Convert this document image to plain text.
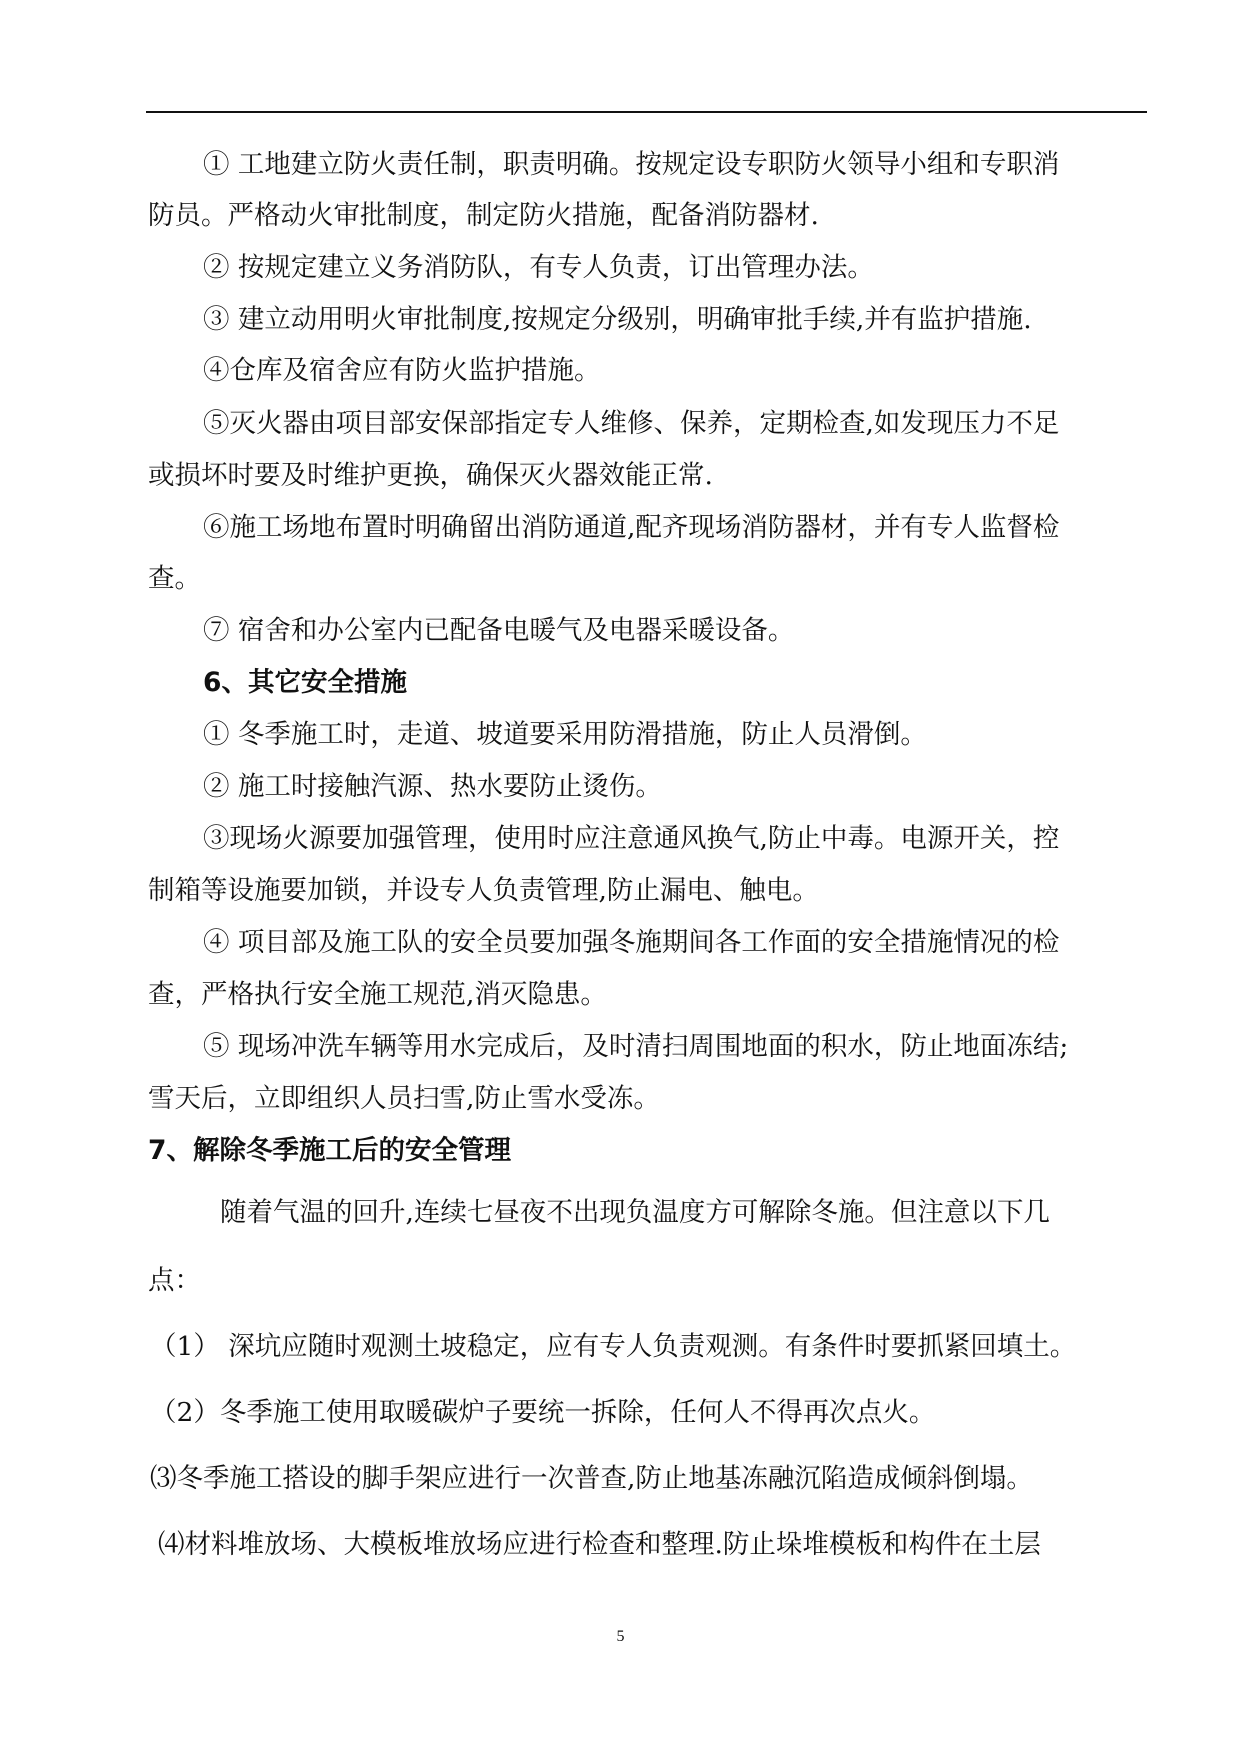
① 工地建立防火责任制，职责明确。按规定设专职防火领导小组和专职消
防员。严格动火审批制度，制定防火措施，配备消防器材.
② 按规定建立义务消防队，有专人负责，订出管理办法。
③ 建立动用明火审批制度,按规定分级别，明确审批手续,并有监护措施.
④仓库及宿舍应有防火监护措施。
⑤灭火器由项目部安保部指定专人维修、保养，定期检查,如发现压力不足
或损坏时要及时维护更换，确保灭火器效能正常.
⑥施工场地布置时明确留出消防通道,配齐现场消防器材，并有专人监督检
查。
⑦ 宿舍和办公室内已配备电暖气及电器采暖设备。
6、其它安全措施
① 冬季施工时，走道、坡道要采用防滑措施，防止人员滑倒。
② 施工时接触汽源、热水要防止烫伤。
③现场火源要加强管理，使用时应注意通风换气,防止中毒。电源开关，控
制箱等设施要加锁，并设专人负责管理,防止漏电、触电。
④ 项目部及施工队的安全员要加强冬施期间各工作面的安全措施情况的检
查，严格执行安全施工规范,消灭隐患。
⑤ 现场冲洗车辆等用水完成后，及时清扫周围地面的积水，防止地面冻结;
雪天后，立即组织人员扫雪,防止雪水受冻。
7、解除冬季施工后的安全管理
随着气温的回升,连续七昼夜不出现负温度方可解除冬施。但注意以下几
点：
（1） 深坑应随时观测土坡稳定，应有专人负责观测。有条件时要抓紧回填土。
（2）冬季施工使用取暖碳炉子要统一拆除，任何人不得再次点火。
⑶冬季施工搭设的脚手架应进行一次普查,防止地基冻融沉陷造成倾斜倒塌。
⑷材料堆放场、大模板堆放场应进行检查和整理.防止垛堆模板和构件在土层
5
